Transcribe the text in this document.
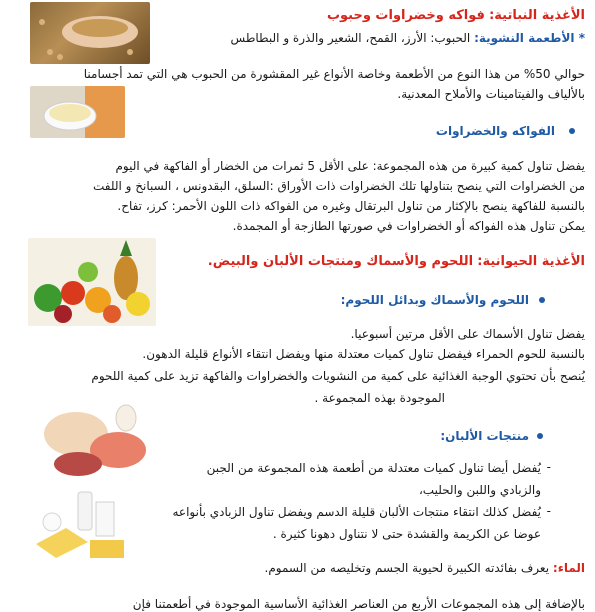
الأغذية النباتية: فواكه وخضراوات وحبوب
* الأطعمة النشوية: الحبوب: الأرز، القمح، الشعير والذرة و البطاطس
حوالي 50% من هذا النوع من الأطعمة وخاصة الأنواع غير المقشورة من الحبوب هي التي تمد أجسامنا
بالألياف والفيتامينات والأملاح المعدنية.
الفواكه والخضراوات
يفضل تناول كمية كبيرة من هذه المجموعة: على الأقل 5 ثمرات من الخضار أو الفاكهة في اليوم
من الخضراوات التي ينصح بتناولها تلك الخضراوات ذات الأوراق :السلق، البقدونس ، السبانخ و اللفت
بالنسبة للفاكهة ينصح بالإكثار من تناول البرتقال وغيره من الفواكه ذات اللون الأحمر: كرز، تفاح.
يمكن تناول هذه الفواكه أو الخضراوات في صورتها الطازجة أو المجمدة.
الأغذية الحيوانية: اللحوم والأسماك ومنتجات الألبان والبيض.
اللحوم والأسماك وبدائل اللحوم:
يفضل تناول الأسماك على الأقل مرتين أسبوعيا.
بالنسبة للحوم الحمراء فيفضل تناول كميات معتدلة منها ويفضل انتقاء الأنواع قليلة الدهون.
يُنصح بأن تحتوي الوجبة الغذائية على كمية من النشويات والخضراوات والفاكهة تزيد على كمية اللحوم
الموجودة بهذه المجموعة .
منتجات الألبان:
-
يُفضل أيضا تناول كميات معتدلة من أطعمة هذه المجموعة من الجبن
والزبادي واللبن والحليب،
-
يُفضل كذلك انتقاء منتجات الألبان قليلة الدسم ويفضل تناول الزبادي بأنواعه
عوضا عن الكريمة والقشدة حتى لا نتناول دهونا كثيرة .
الماء: يعرف بفائدته الكبيرة لحيوية الجسم وتخليصه من السموم.
بالإضافة إلى هذه المجموعات الأربع من العناصر الغذائية الأساسية الموجودة في أطعمتنا فإن
